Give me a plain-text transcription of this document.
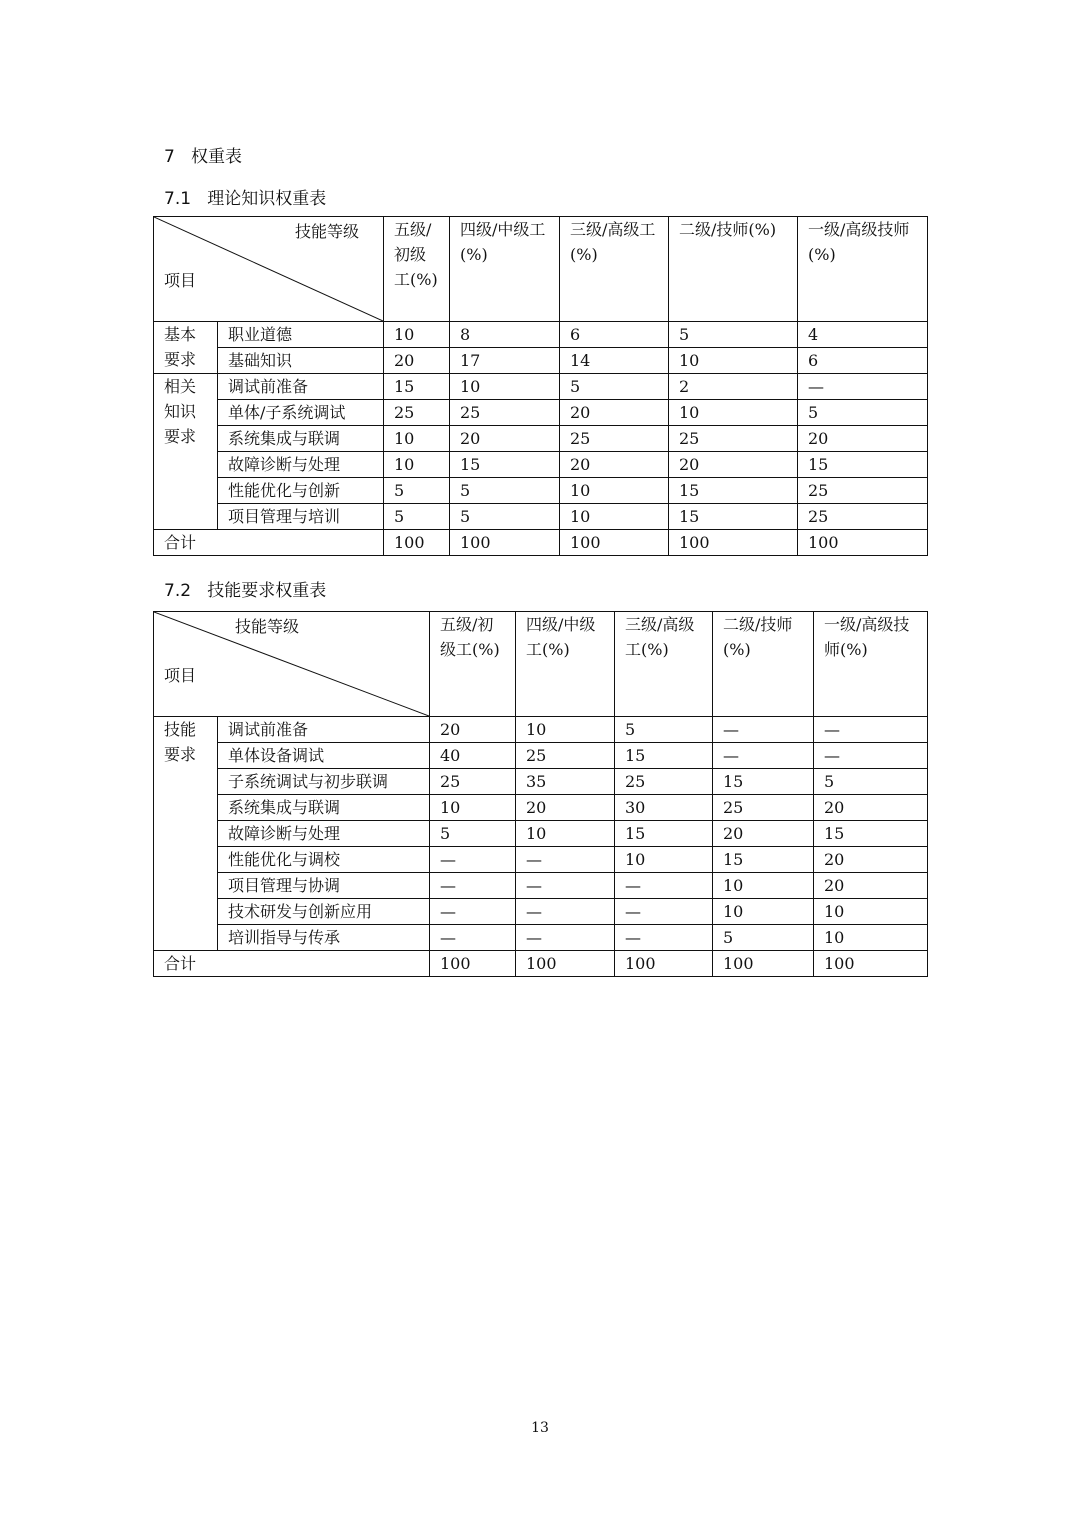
7 权重表
7.1 理论知识权重表
技能等级
项目		五级/初级工(%)	四级/中级工(%)	三级/高级工(%)	二级/技师(%)	一级/高级技师(%)
基本要求	职业道德	10	8	6	5	4
	基础知识	20	17	14	10	6
相关知识要求	调试前准备	15	10	5	2	—
	单体/子系统调试	25	25	20	10	5
	系统集成与联调	10	20	25	25	20
	故障诊断与处理	10	15	20	20	15
	性能优化与创新	5	5	10	15	25
	项目管理与培训	5	5	10	15	25
合计		100	100	100	100	100
7.2 技能要求权重表
技能等级
项目		五级/初级工(%)	四级/中级工(%)	三级/高级工(%)	二级/技师(%)	一级/高级技师(%)
技能要求	调试前准备	20	10	5	—	—
	单体设备调试	40	25	15	—	—
	子系统调试与初步联调	25	35	25	15	5
	系统集成与联调	10	20	30	25	20
	故障诊断与处理	5	10	15	20	15
	性能优化与调校	—	—	10	15	20
	项目管理与协调	—	—	—	10	20
	技术研发与创新应用	—	—	—	10	10
	培训指导与传承	—	—	—	5	10
合计		100	100	100	100	100
13
